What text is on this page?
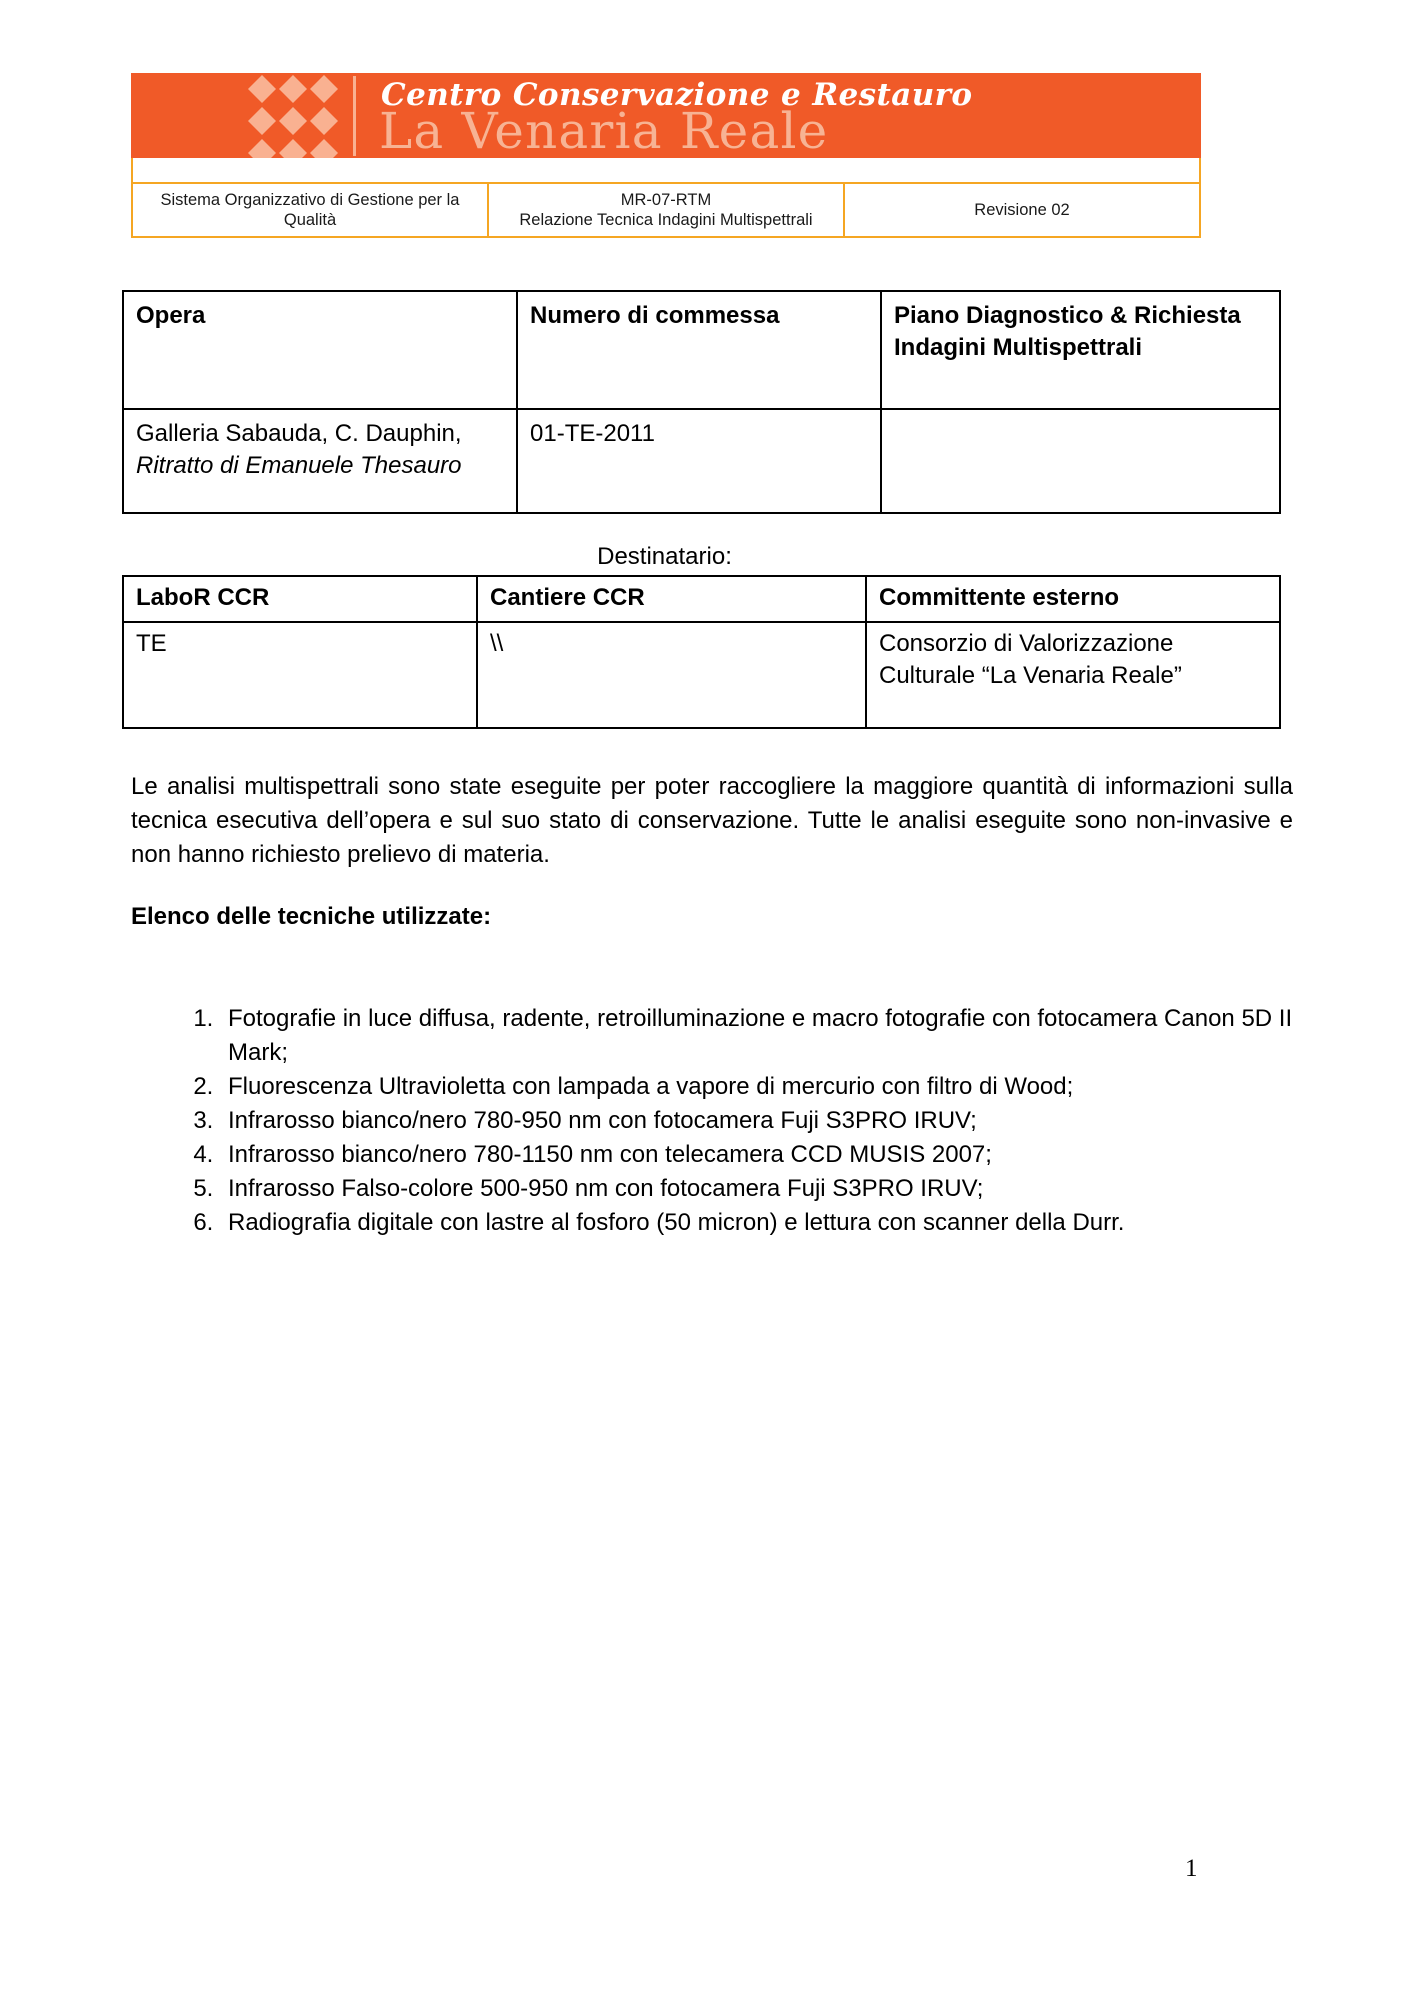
Centro Conservazione e Restauro
La Venaria Reale

Sistema Organizzativo di Gestione per la Qualità	
MR-07-RTM
Relazione Tecnica Indagini Multispettrali
	Revisione 02
Opera	Numero di commessa	Piano Diagnostico & Richiesta Indagini Multispettrali
Galleria Sabauda, C. Dauphin, Ritratto di Emanuele Thesauro	01-TE-2011	
Destinatario:
LaboR CCR	Cantiere CCR	Committente esterno
TE	\\	Consorzio di Valorizzazione Culturale “La Venaria Reale”
Le analisi multispettrali sono state eseguite per poter raccogliere la maggiore quantità di informazioni sulla tecnica esecutiva dell’opera e sul suo stato di conservazione. Tutte le analisi eseguite sono non-invasive e non hanno richiesto prelievo di materia.
Elenco delle tecniche utilizzate:
1. Fotografie in luce diffusa, radente, retroilluminazione e macro fotografie con fotocamera Canon 5D II Mark;
2. Fluorescenza Ultravioletta con lampada a vapore di mercurio con filtro di Wood;
3. Infrarosso bianco/nero 780-950 nm con fotocamera Fuji S3PRO IRUV;
4. Infrarosso bianco/nero 780-1150 nm con telecamera CCD MUSIS 2007;
5. Infrarosso Falso-colore 500-950 nm con fotocamera Fuji S3PRO IRUV;
6. Radiografia digitale con lastre al fosforo (50 micron) e lettura con scanner della Durr.
1
